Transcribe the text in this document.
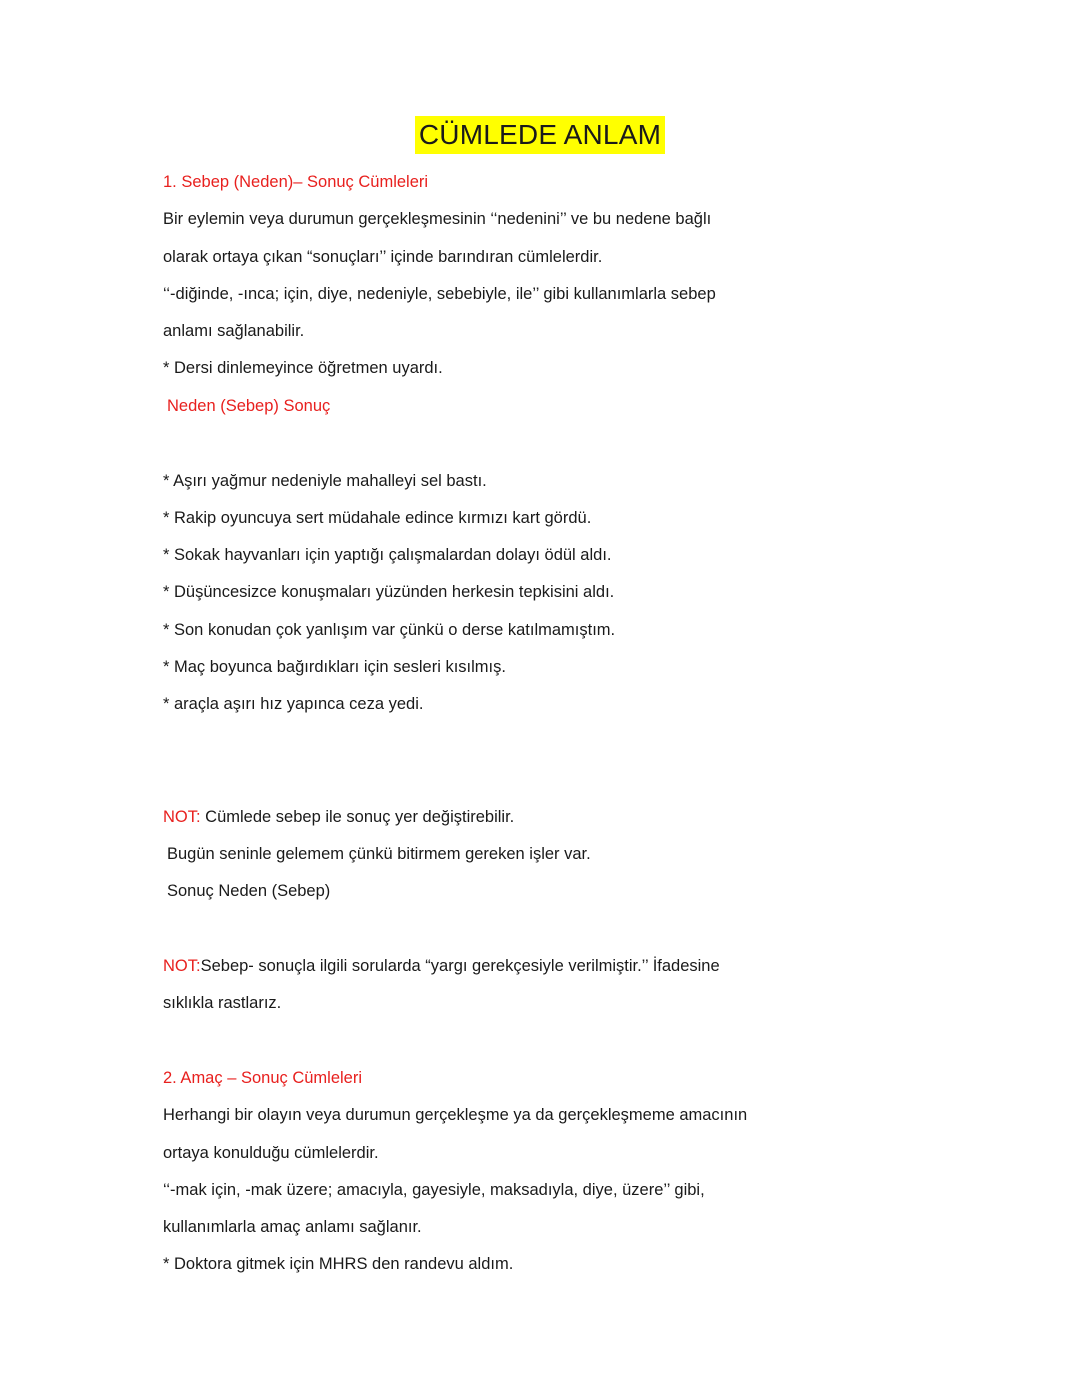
CÜMLEDE ANLAM
1. Sebep (Neden)– Sonuç Cümleleri
Bir eylemin veya durumun gerçekleşmesinin ‘‘nedenini’’ ve bu nedene bağlı
olarak ortaya çıkan “sonuçları’’ içinde barındıran cümlelerdir.
‘‘-diğinde, -ınca; için, diye, nedeniyle, sebebiyle, ile’’ gibi kullanımlarla sebep
anlamı sağlanabilir.
* Dersi dinlemeyince öğretmen uyardı.
Neden (Sebep) Sonuç
* Aşırı yağmur nedeniyle mahalleyi sel bastı.
* Rakip oyuncuya sert müdahale edince kırmızı kart gördü.
* Sokak hayvanları için yaptığı çalışmalardan dolayı ödül aldı.
* Düşüncesizce konuşmaları yüzünden herkesin tepkisini aldı.
* Son konudan çok yanlışım var çünkü o derse katılmamıştım.
* Maç boyunca bağırdıkları için sesleri kısılmış.
* araçla aşırı hız yapınca ceza yedi.
NOT: Cümlede sebep ile sonuç yer değiştirebilir.
Bugün seninle gelemem çünkü bitirmem gereken işler var.
Sonuç Neden (Sebep)
NOT:Sebep- sonuçla ilgili sorularda “yargı gerekçesiyle verilmiştir.’’ İfadesine
sıklıkla rastlarız.
2. Amaç – Sonuç Cümleleri
Herhangi bir olayın veya durumun gerçekleşme ya da gerçekleşmeme amacının
ortaya konulduğu cümlelerdir.
‘‘-mak için, -mak üzere; amacıyla, gayesiyle, maksadıyla, diye, üzere’’ gibi,
kullanımlarla amaç anlamı sağlanır.
* Doktora gitmek için MHRS den randevu aldım.
